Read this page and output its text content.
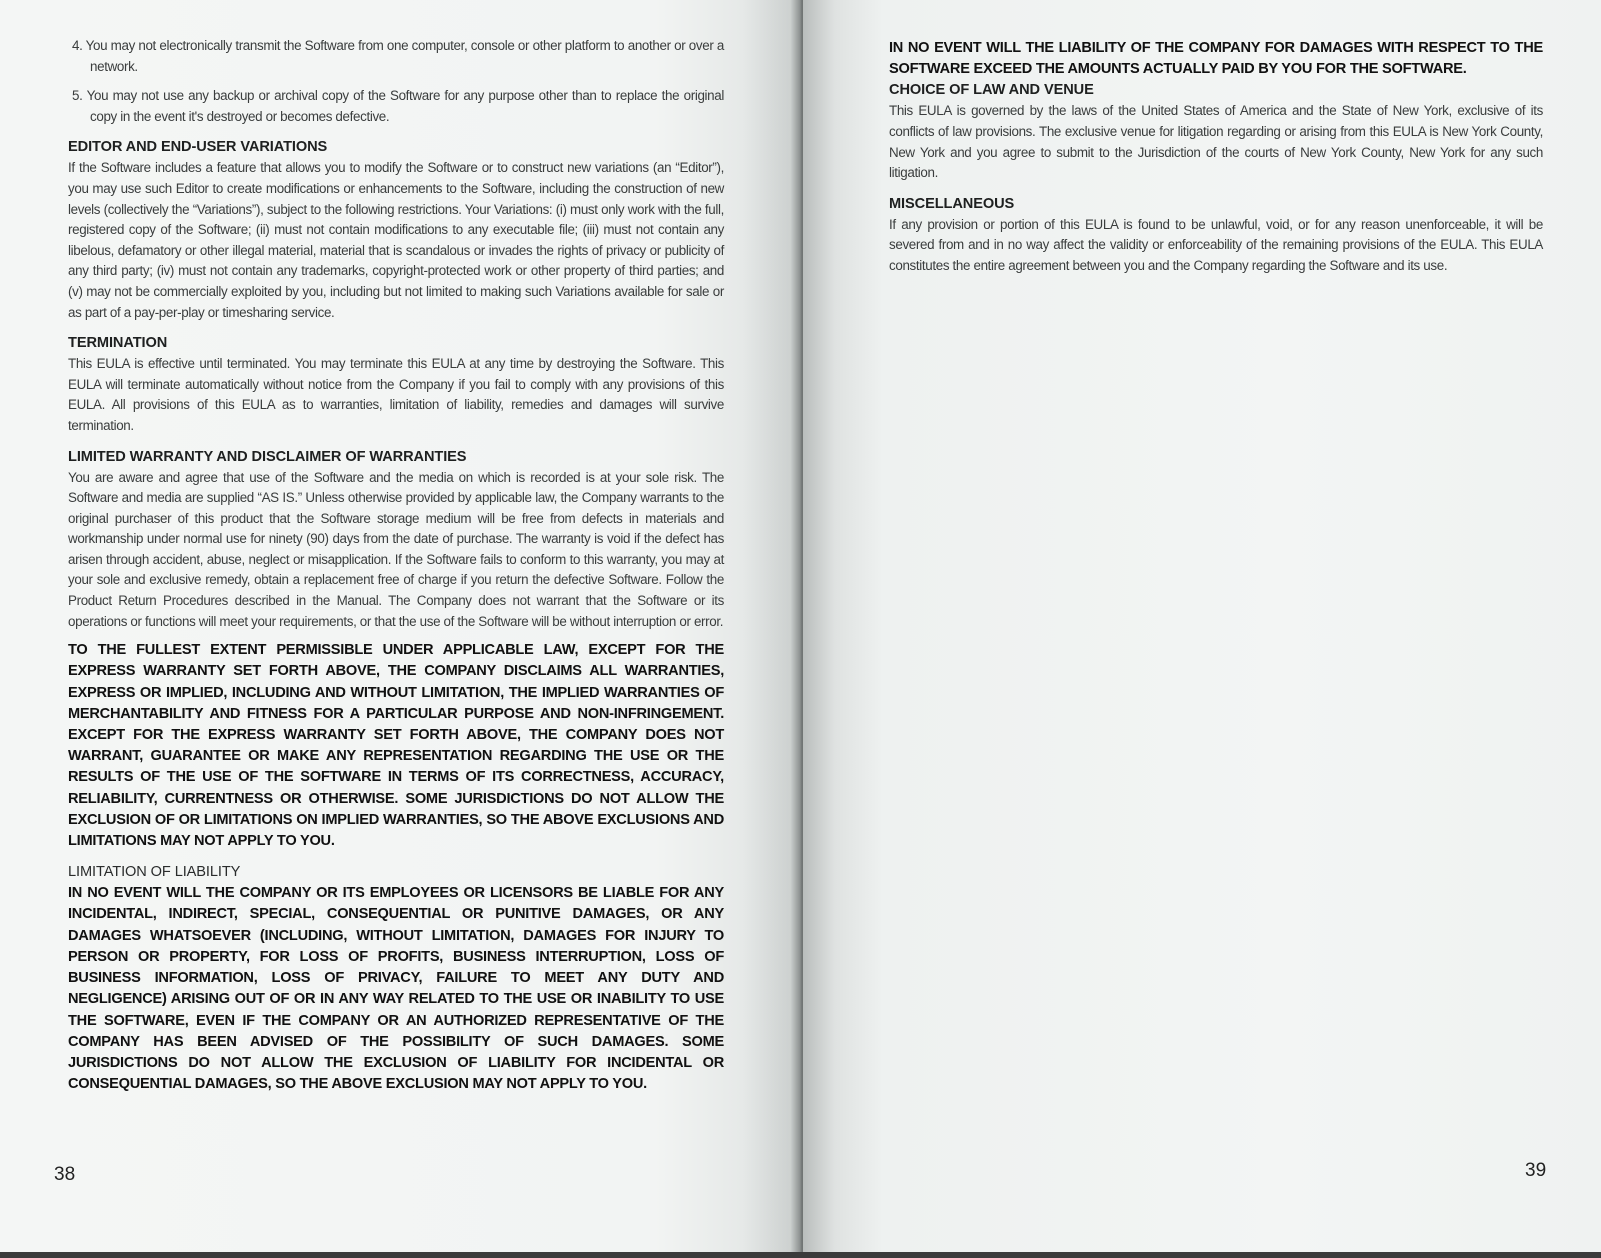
4. You may not electronically transmit the Software from one computer, console or other platform to another or over a network.

5. You may not use any backup or archival copy of the Software for any purpose other than to replace the original copy in the event it's destroyed or becomes defective.

EDITOR AND END-USER VARIATIONS

If the Software includes a feature that allows you to modify the Software or to construct new variations (an “Editor”), you may use such Editor to create modifications or enhancements to the Software, including the construction of new levels (collectively the “Variations”), subject to the following restrictions. Your Variations: (i) must only work with the full, registered copy of the Software; (ii) must not contain modifications to any executable file; (iii) must not contain any libelous, defamatory or other illegal material, material that is scandalous or invades the rights of privacy or publicity of any third party; (iv) must not contain any trademarks, copyright-protected work or other property of third parties; and (v) may not be commercially exploited by you, including but not limited to making such Variations available for sale or as part of a pay-per-play or timesharing service.

TERMINATION

This EULA is effective until terminated. You may terminate this EULA at any time by destroying the Software. This EULA will terminate automatically without notice from the Company if you fail to comply with any provisions of this EULA. All provisions of this EULA as to warranties, limitation of liability, remedies and damages will survive termination.

LIMITED WARRANTY AND DISCLAIMER OF WARRANTIES

You are aware and agree that use of the Software and the media on which is recorded is at your sole risk. The Software and media are supplied “AS IS.” Unless otherwise provided by applicable law, the Company warrants to the original purchaser of this product that the Software storage medium will be free from defects in materials and workmanship under normal use for ninety (90) days from the date of purchase. The warranty is void if the defect has arisen through accident, abuse, neglect or misapplication. If the Software fails to conform to this warranty, you may at your sole and exclusive remedy, obtain a replacement free of charge if you return the defective Software. Follow the Product Return Procedures described in the Manual. The Company does not warrant that the Software or its operations or functions will meet your requirements, or that the use of the Software will be without interruption or error.

TO THE FULLEST EXTENT PERMISSIBLE UNDER APPLICABLE LAW, EXCEPT FOR THE EXPRESS WARRANTY SET FORTH ABOVE, THE COMPANY DISCLAIMS ALL WARRANTIES, EXPRESS OR IMPLIED, INCLUDING AND WITHOUT LIMITATION, THE IMPLIED WARRANTIES OF MERCHANTABILITY AND FITNESS FOR A PARTICULAR PURPOSE AND NON-INFRINGEMENT. EXCEPT FOR THE EXPRESS WARRANTY SET FORTH ABOVE, THE COMPANY DOES NOT WARRANT, GUARANTEE OR MAKE ANY REPRESENTATION REGARDING THE USE OR THE RESULTS OF THE USE OF THE SOFTWARE IN TERMS OF ITS CORRECTNESS, ACCURACY, RELIABILITY, CURRENTNESS OR OTHERWISE. SOME JURISDICTIONS DO NOT ALLOW THE EXCLUSION OF OR LIMITATIONS ON IMPLIED WARRANTIES, SO THE ABOVE EXCLUSIONS AND LIMITATIONS MAY NOT APPLY TO YOU.

LIMITATION OF LIABILITY

IN NO EVENT WILL THE COMPANY OR ITS EMPLOYEES OR LICENSORS BE LIABLE FOR ANY INCIDENTAL, INDIRECT, SPECIAL, CONSEQUENTIAL OR PUNITIVE DAMAGES, OR ANY DAMAGES WHATSOEVER (INCLUDING, WITHOUT LIMITATION, DAMAGES FOR INJURY TO PERSON OR PROPERTY, FOR LOSS OF PROFITS, BUSINESS INTERRUPTION, LOSS OF BUSINESS INFORMATION, LOSS OF PRIVACY, FAILURE TO MEET ANY DUTY AND NEGLIGENCE) ARISING OUT OF OR IN ANY WAY RELATED TO THE USE OR INABILITY TO USE THE SOFTWARE, EVEN IF THE COMPANY OR AN AUTHORIZED REPRESENTATIVE OF THE COMPANY HAS BEEN ADVISED OF THE POSSIBILITY OF SUCH DAMAGES. SOME JURISDICTIONS DO NOT ALLOW THE EXCLUSION OF LIABILITY FOR INCIDENTAL OR CONSEQUENTIAL DAMAGES, SO THE ABOVE EXCLUSION MAY NOT APPLY TO YOU.

38

IN NO EVENT WILL THE LIABILITY OF THE COMPANY FOR DAMAGES WITH RESPECT TO THE SOFTWARE EXCEED THE AMOUNTS ACTUALLY PAID BY YOU FOR THE SOFTWARE.

CHOICE OF LAW AND VENUE

This EULA is governed by the laws of the United States of America and the State of New York, exclusive of its conflicts of law provisions. The exclusive venue for litigation regarding or arising from this EULA is New York County, New York and you agree to submit to the Jurisdiction of the courts of New York County, New York for any such litigation.

MISCELLANEOUS

If any provision or portion of this EULA is found to be unlawful, void, or for any reason unenforceable, it will be severed from and in no way affect the validity or enforceability of the remaining provisions of the EULA. This EULA constitutes the entire agreement between you and the Company regarding the Software and its use.

39
